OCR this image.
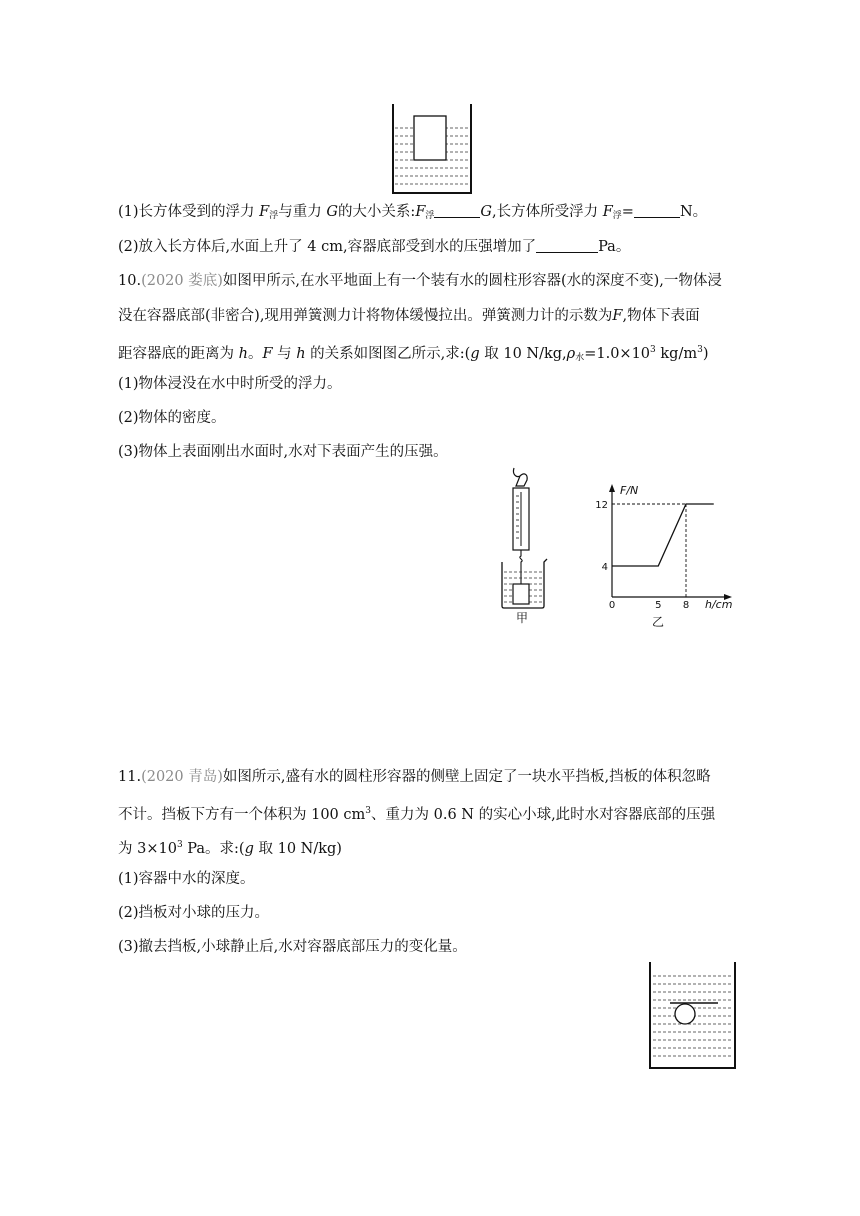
(1)长方体受到的浮力 $F_浮$与重力 G的大小关系$:F_浮$	G,长方体所受浮力 $F_浮=$	N。
(2)放入长方体后,水面上升了 4 cm,容器底部受到水的压强增加了	Pa。
10.(2020 娄底)如图甲所示,在水平地面上有一个装有水的圆柱形容器(水的深度不变),一物体浸
没在容器底部(非密合),现用弹簧测力计将物体缓慢拉出。弹簧测力计的示数为F,物体下表面
距容器底的距离为 h。F 与 h 的关系如图图乙所示,求:(g 取 10 $N/kg,\rho_水=1.0\times 10^3$ $kg/m^3$)
(1)物体浸没在水中时所受的浮力。
(2)物体的密度。
(3)物体上表面刚出水面时,水对下表面产生的压强。
甲
F/N
h/cm
0
乙
4
12
5 8
11.(2020 青岛)如图所示,盛有水的圆柱形容器的侧壁上固定了一块水平挡板,挡板的体积忽略
不计。挡板下方有一个体积为 100 $cm^3$、重力为 0.6 N 的实心小球,此时水对容器底部的压强
为 $3\times 10^3$ Pa。求:(g 取 10 N/kg)
(1)容器中水的深度。
(2)挡板对小球的压力。
(3)撤去挡板,小球静止后,水对容器底部压力的变化量。
